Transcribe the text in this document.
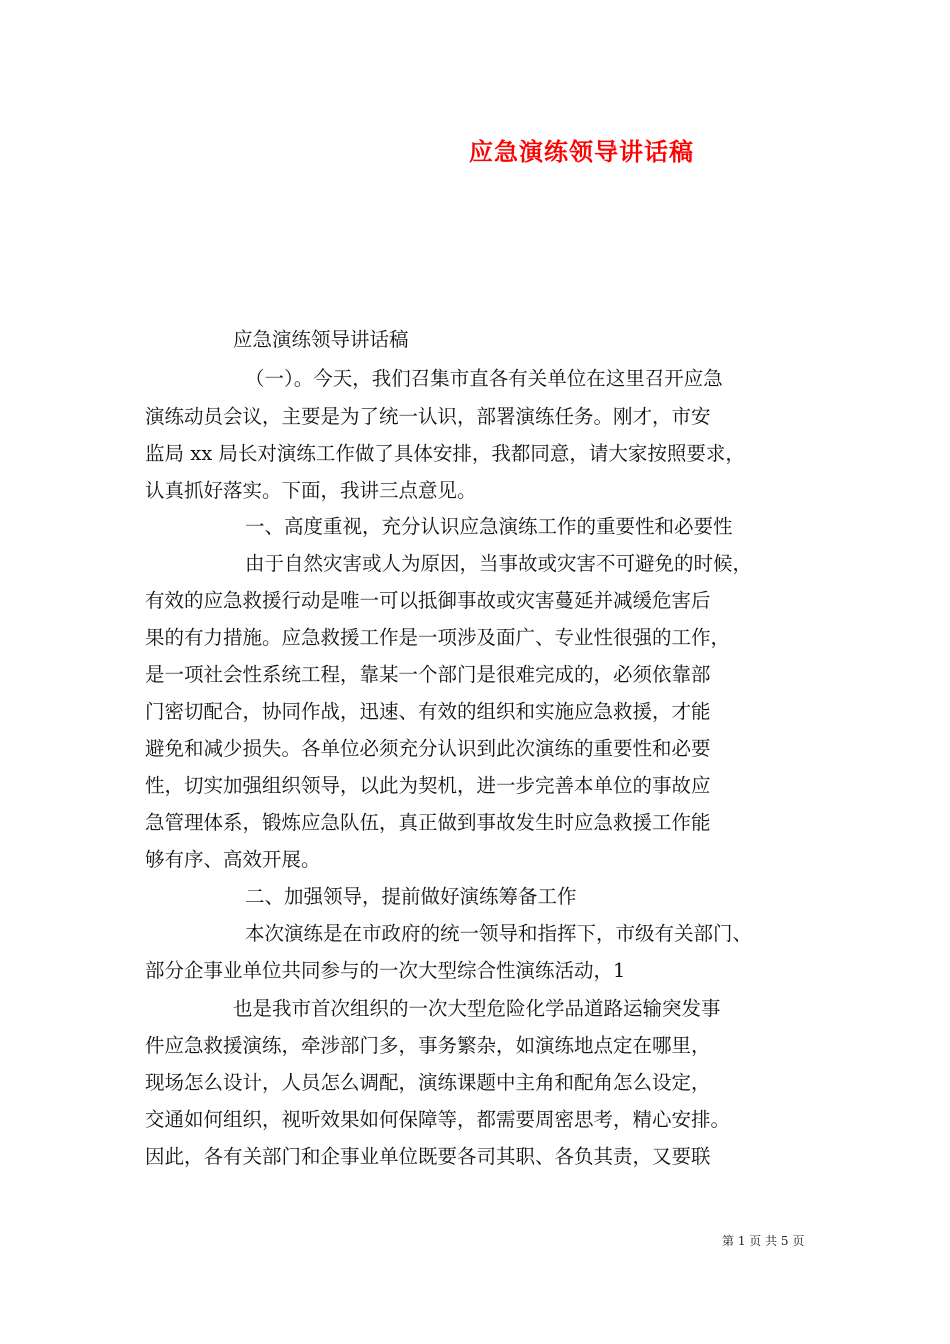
应急演练领导讲话稿
应急演练领导讲话稿
（一）。今天，我们召集市直各有关单位在这里召开应急
演练动员会议，主要是为了统一认识，部署演练任务。刚才，市安
监局 xx 局长对演练工作做了具体安排，我都同意，请大家按照要求，
认真抓好落实。下面，我讲三点意见。
一、高度重视，充分认识应急演练工作的重要性和必要性
由于自然灾害或人为原因，当事故或灾害不可避免的时候，
有效的应急救援行动是唯一可以抵御事故或灾害蔓延并减缓危害后
果的有力措施。应急救援工作是一项涉及面广、专业性很强的工作，
是一项社会性系统工程，靠某一个部门是很难完成的，必须依靠部
门密切配合，协同作战，迅速、有效的组织和实施应急救援，才能
避免和减少损失。各单位必须充分认识到此次演练的重要性和必要
性，切实加强组织领导，以此为契机，进一步完善本单位的事故应
急管理体系，锻炼应急队伍，真正做到事故发生时应急救援工作能
够有序、高效开展。
二、加强领导，提前做好演练筹备工作
本次演练是在市政府的统一领导和指挥下，市级有关部门、
部分企事业单位共同参与的一次大型综合性演练活动，1
也是我市首次组织的一次大型危险化学品道路运输突发事
件应急救援演练，牵涉部门多，事务繁杂，如演练地点定在哪里，
现场怎么设计，人员怎么调配，演练课题中主角和配角怎么设定，
交通如何组织，视听效果如何保障等，都需要周密思考，精心安排。
因此，各有关部门和企事业单位既要各司其职、各负其责，又要联
第 1 页 共 5 页
